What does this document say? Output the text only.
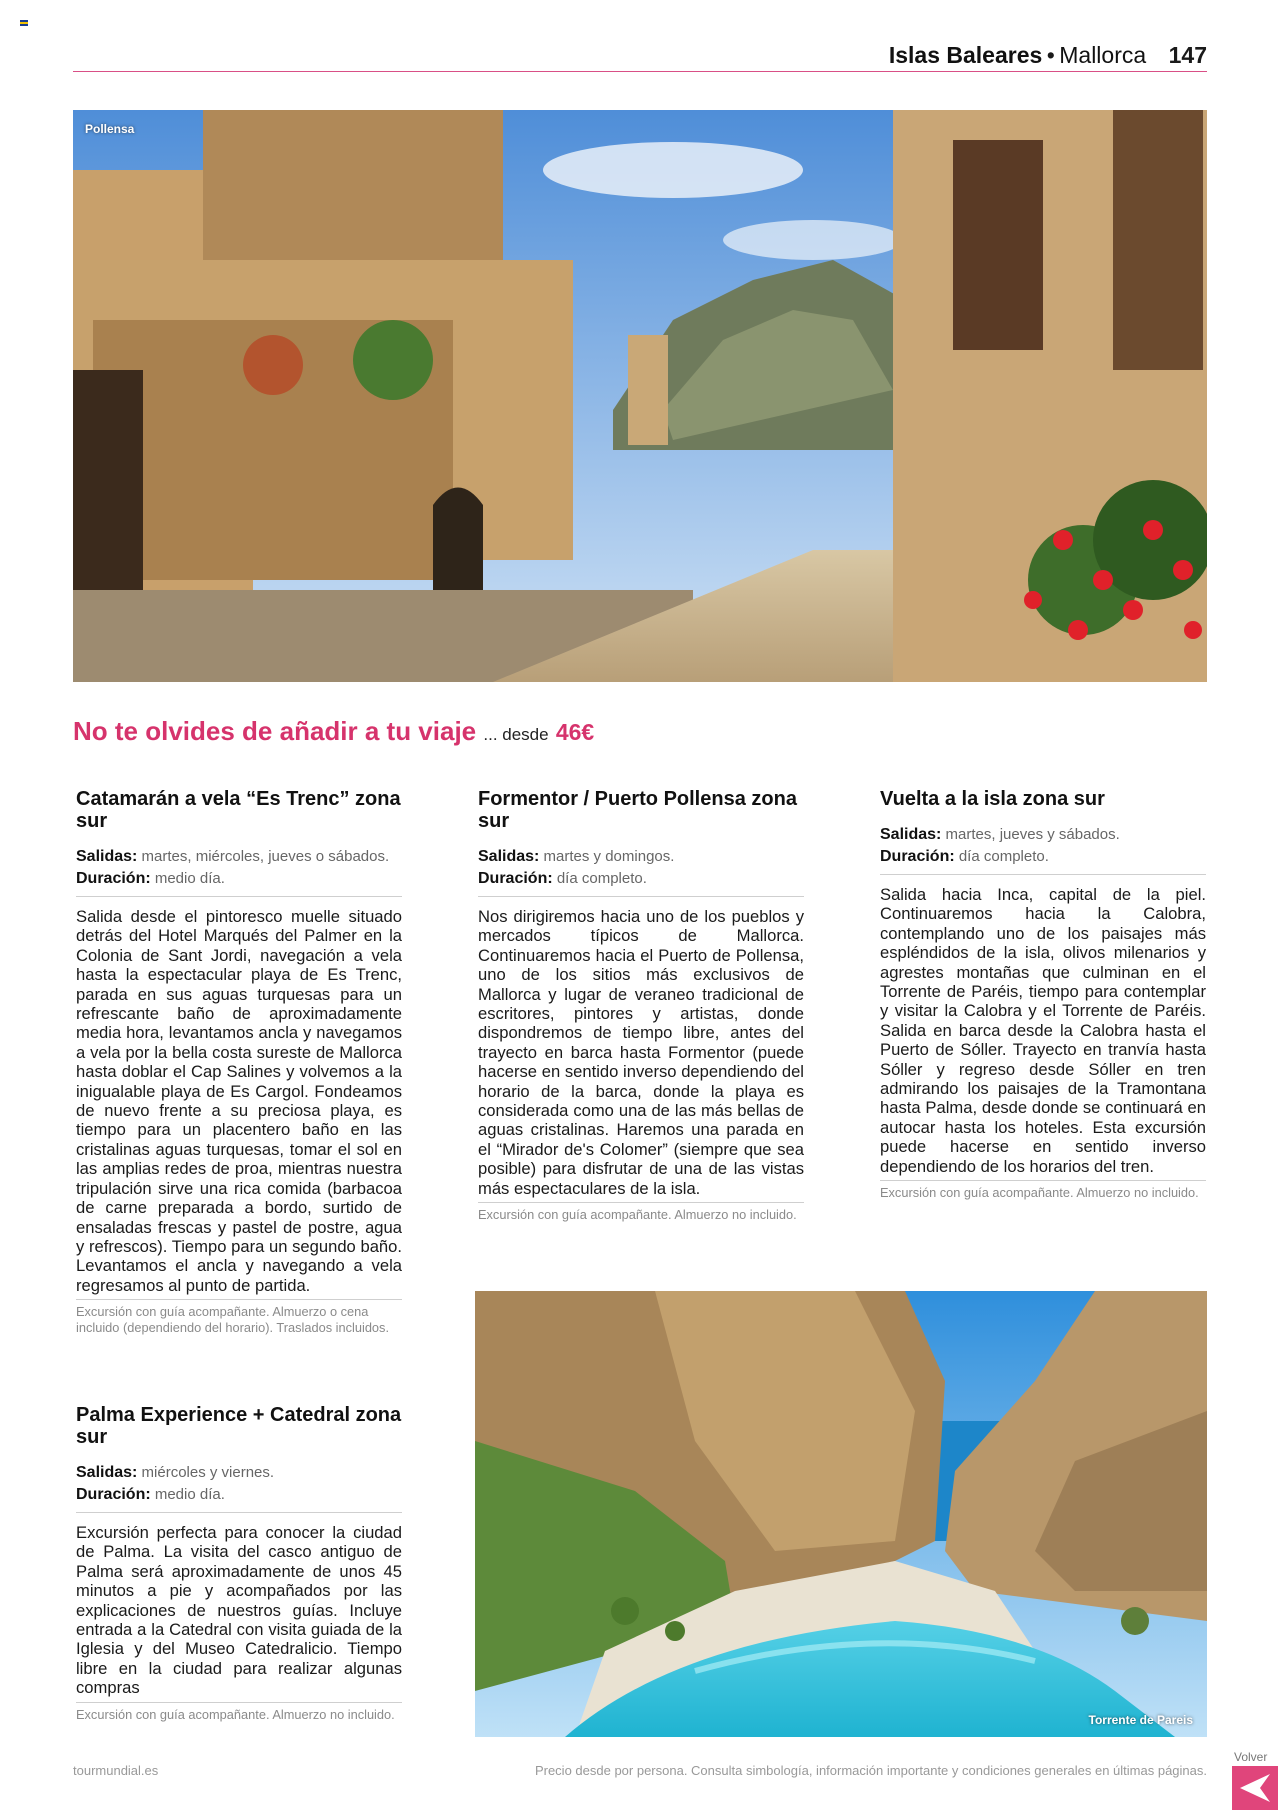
Islas Baleares • Mallorca 147
Pollensa
No te olvides de añadir a tu viaje ... desde 46€
Catamarán a vela “Es Trenc” zona sur
Salidas: martes, miércoles, jueves o sábados.
Duración: medio día.

Salida desde el pintoresco muelle situado detrás del Hotel Marqués del Palmer en la Colonia de Sant Jordi, navegación a vela hasta la espectacular playa de Es Trenc, parada en sus aguas turquesas para un refrescante baño de aproximadamente media hora, levantamos ancla y navegamos a vela por la bella costa sureste de Mallorca hasta doblar el Cap Salines y volvemos a la inigualable playa de Es Cargol. Fondeamos de nuevo frente a su preciosa playa, es tiempo para un placentero baño en las cristalinas aguas turquesas, tomar el sol en las amplias redes de proa, mientras nuestra tripulación sirve una rica comida (barbacoa de carne preparada a bordo, surtido de ensaladas frescas y pastel de postre, agua y refrescos). Tiempo para un segundo baño. Levantamos el ancla y navegando a vela regresamos al punto de partida.

Excursión con guía acompañante. Almuerzo o cena incluido (dependiendo del horario). Traslados incluidos.

Formentor / Puerto Pollensa zona sur
Salidas: martes y domingos.
Duración: día completo.

Nos dirigiremos hacia uno de los pueblos y mercados típicos de Mallorca. Continuaremos hacia el Puerto de Pollensa, uno de los sitios más exclusivos de Mallorca y lugar de veraneo tradicional de escritores, pintores y artistas, donde dispondremos de tiempo libre, antes del trayecto en barca hasta Formentor (puede hacerse en sentido inverso dependiendo del horario de la barca, donde la playa es considerada como una de las más bellas de aguas cristalinas. Haremos una parada en el “Mirador de's Colomer” (siempre que sea posible) para disfrutar de una de las vistas más espectaculares de la isla.

Excursión con guía acompañante. Almuerzo no incluido.

Vuelta a la isla zona sur
Salidas: martes, jueves y sábados.
Duración: día completo.

Salida hacia Inca, capital de la piel. Continuaremos hacia la Calobra, contemplando uno de los paisajes más espléndidos de la isla, olivos milenarios y agrestes montañas que culminan en el Torrente de Paréis, tiempo para contemplar y visitar la Calobra y el Torrente de Paréis. Salida en barca desde la Calobra hasta el Puerto de Sóller. Trayecto en tranvía hasta Sóller y regreso desde Sóller en tren admirando los paisajes de la Tramontana hasta Palma, desde donde se continuará en autocar hasta los hoteles. Esta excursión puede hacerse en sentido inverso dependiendo de los horarios del tren.

Excursión con guía acompañante. Almuerzo no incluido.

Palma Experience + Catedral zona sur
Salidas: miércoles y viernes.
Duración: medio día.

Excursión perfecta para conocer la ciudad de Palma. La visita del casco antiguo de Palma será aproximadamente de unos 45 minutos a pie y acompañados por las explicaciones de nuestros guías. Incluye entrada a la Catedral con visita guiada de la Iglesia y del Museo Catedralicio. Tiempo libre en la ciudad para realizar algunas compras

Excursión con guía acompañante. Almuerzo no incluido.	Torrente de Pareis
tourmundial.es	Precio desde por persona. Consulta simbología, información importante y condiciones generales en últimas páginas.
Volver
